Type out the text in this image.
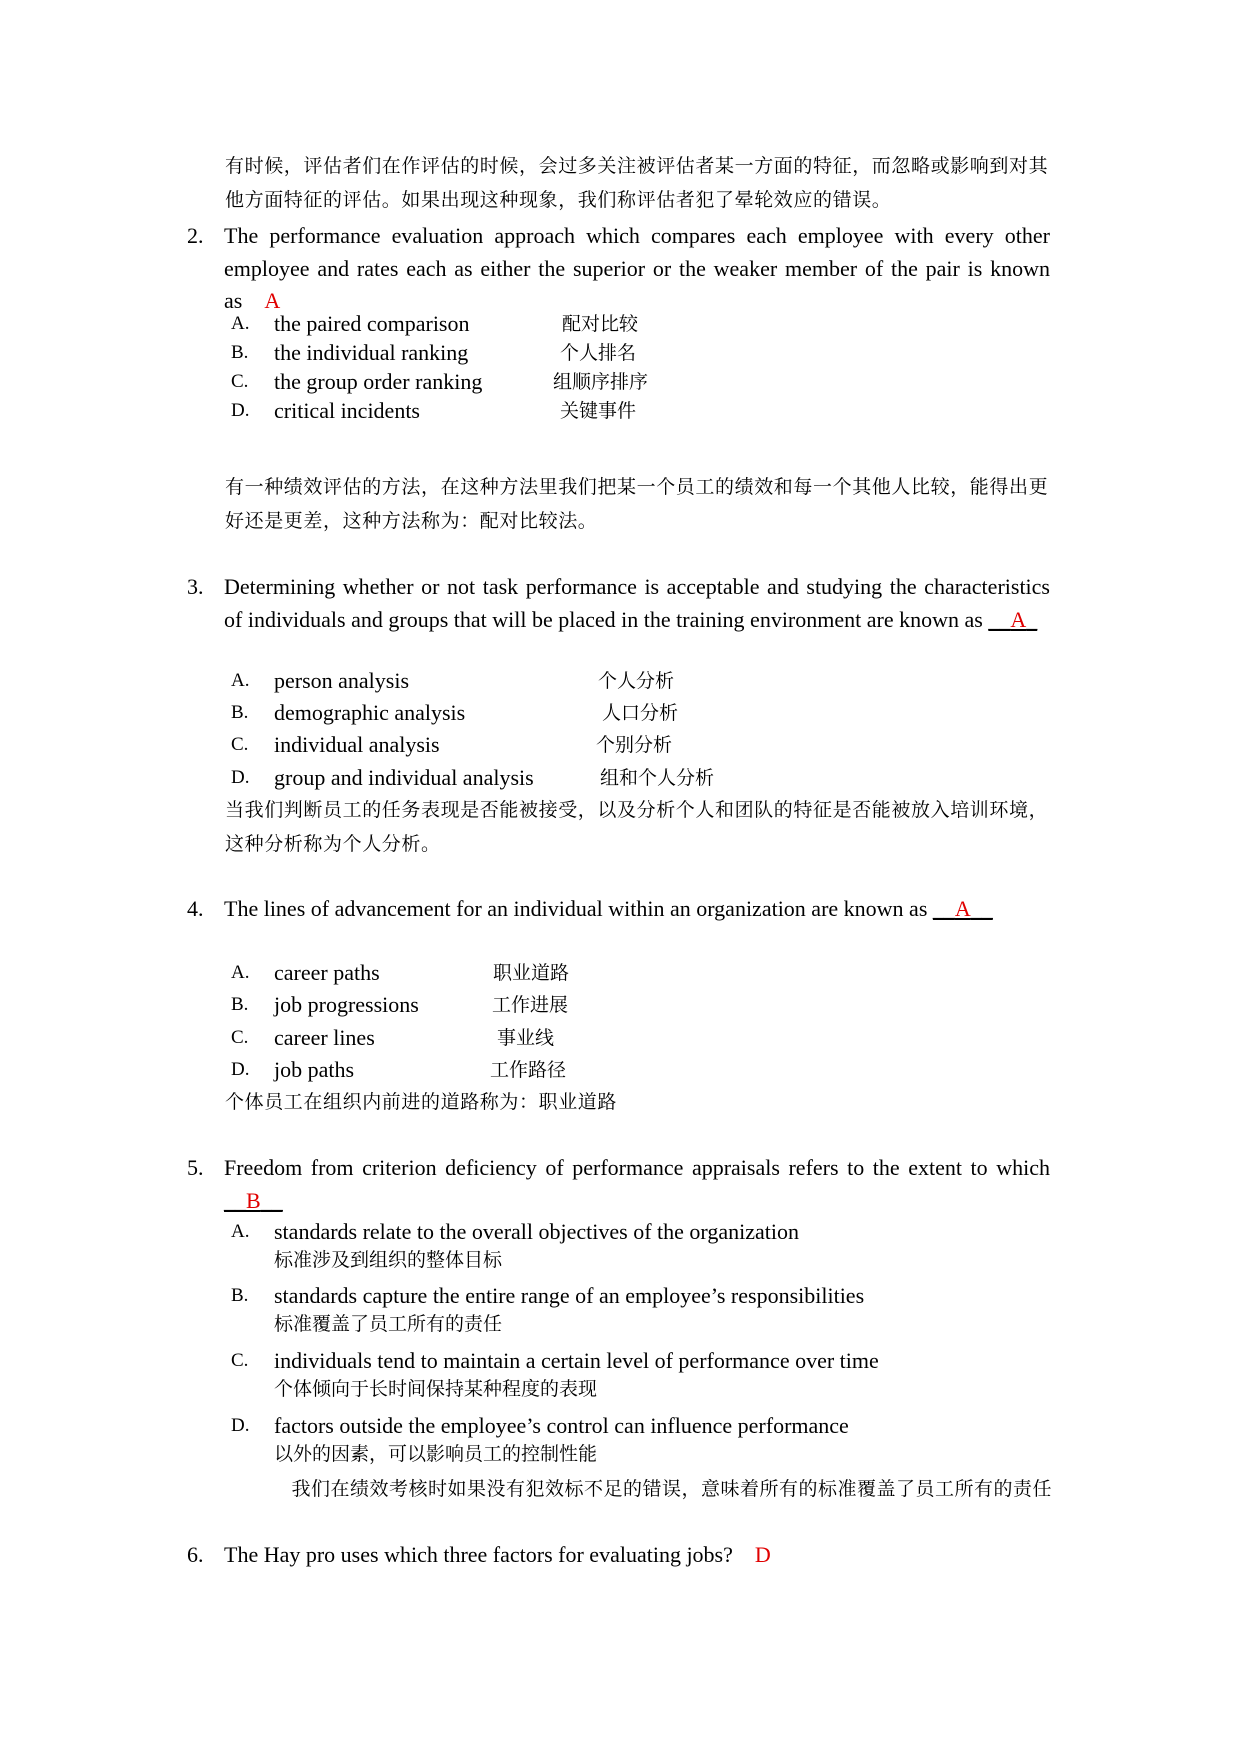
有时候，评估者们在作评估的时候，会过多关注被评估者某一方面的特征，而忽略或影响到对其他方面特征的评估。如果出现这种现象，我们称评估者犯了晕轮效应的错误。
2. The performance evaluation approach which compares each employee with every other employee and rates each as either the superior or the weaker member of the pair is known as A
A. the paired comparison	配对比较
B. the individual ranking	个人排名
C. the group order ranking	组顺序排序
D. critical incidents	关键事件
有一种绩效评估的方法，在这种方法里我们把某一个员工的绩效和每一个其他人比较，能得出更好还是更差，这种方法称为：配对比较法。
3. Determining whether or not task performance is acceptable and studying the characteristics of individuals and groups that will be placed in the training environment are known as __A_
A. person analysis	个人分析
B. demographic analysis	人口分析
C. individual analysis	个别分析
D. group and individual analysis	组和个人分析
当我们判断员工的任务表现是否能被接受，以及分析个人和团队的特征是否能被放入培训环境，这种分析称为个人分析。
4. The lines of advancement for an individual within an organization are known as __A__
A. career paths	职业道路
B. job progressions	工作进展
C. career lines	事业线
D. job paths	工作路径
个体员工在组织内前进的道路称为：职业道路
5. Freedom from criterion deficiency of performance appraisals refers to the extent to which __B__
A. standards relate to the overall objectives of the organization
标准涉及到组织的整体目标
B. standards capture the entire range of an employee’s responsibilities
标准覆盖了员工所有的责任
C. individuals tend to maintain a certain level of performance over time
个体倾向于长时间保持某种程度的表现
D. factors outside the employee’s control can influence performance
以外的因素，可以影响员工的控制性能
我们在绩效考核时如果没有犯效标不足的错误，意味着所有的标准覆盖了员工所有的责任
6. The Hay pro uses which three factors for evaluating jobs? D
